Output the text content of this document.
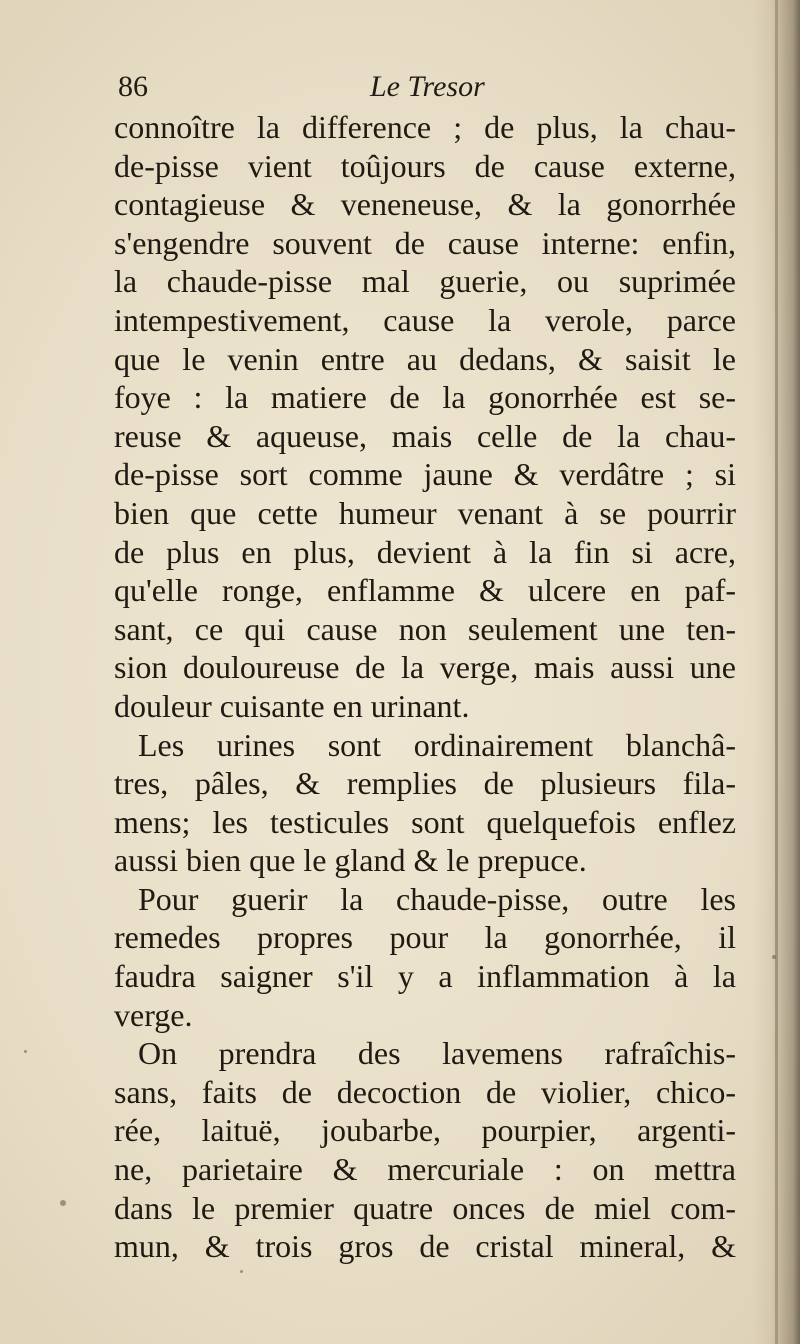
86	Le Tresor
connoître la difference ; de plus, la chau-
de-pisse vient toûjours de cause externe,
contagieuse & veneneuse, & la gonorrhée
s'engendre souvent de cause interne: enfin,
la chaude-pisse mal guerie, ou suprimée
intempestivement, cause la verole, parce
que le venin entre au dedans, & saisit le
foye : la matiere de la gonorrhée est se-
reuse & aqueuse, mais celle de la chau-
de-pisse sort comme jaune & verdâtre ; si
bien que cette humeur venant à se pourrir
de plus en plus, devient à la fin si acre,
qu'elle ronge, enflamme & ulcere en paf-
sant, ce qui cause non seulement une ten-
sion douloureuse de la verge, mais aussi une
douleur cuisante en urinant.
Les urines sont ordinairement blanchâ-
tres, pâles, & remplies de plusieurs fila-
mens; les testicules sont quelquefois enflez
aussi bien que le gland & le prepuce.
Pour guerir la chaude-pisse, outre les
remedes propres pour la gonorrhée, il
faudra saigner s'il y a inflammation à la
verge.
On prendra des lavemens rafraîchis-
sans, faits de decoction de violier, chico-
rée, laituë, joubarbe, pourpier, argenti-
ne, parietaire & mercuriale : on mettra
dans le premier quatre onces de miel com-
mun, & trois gros de cristal mineral, &
